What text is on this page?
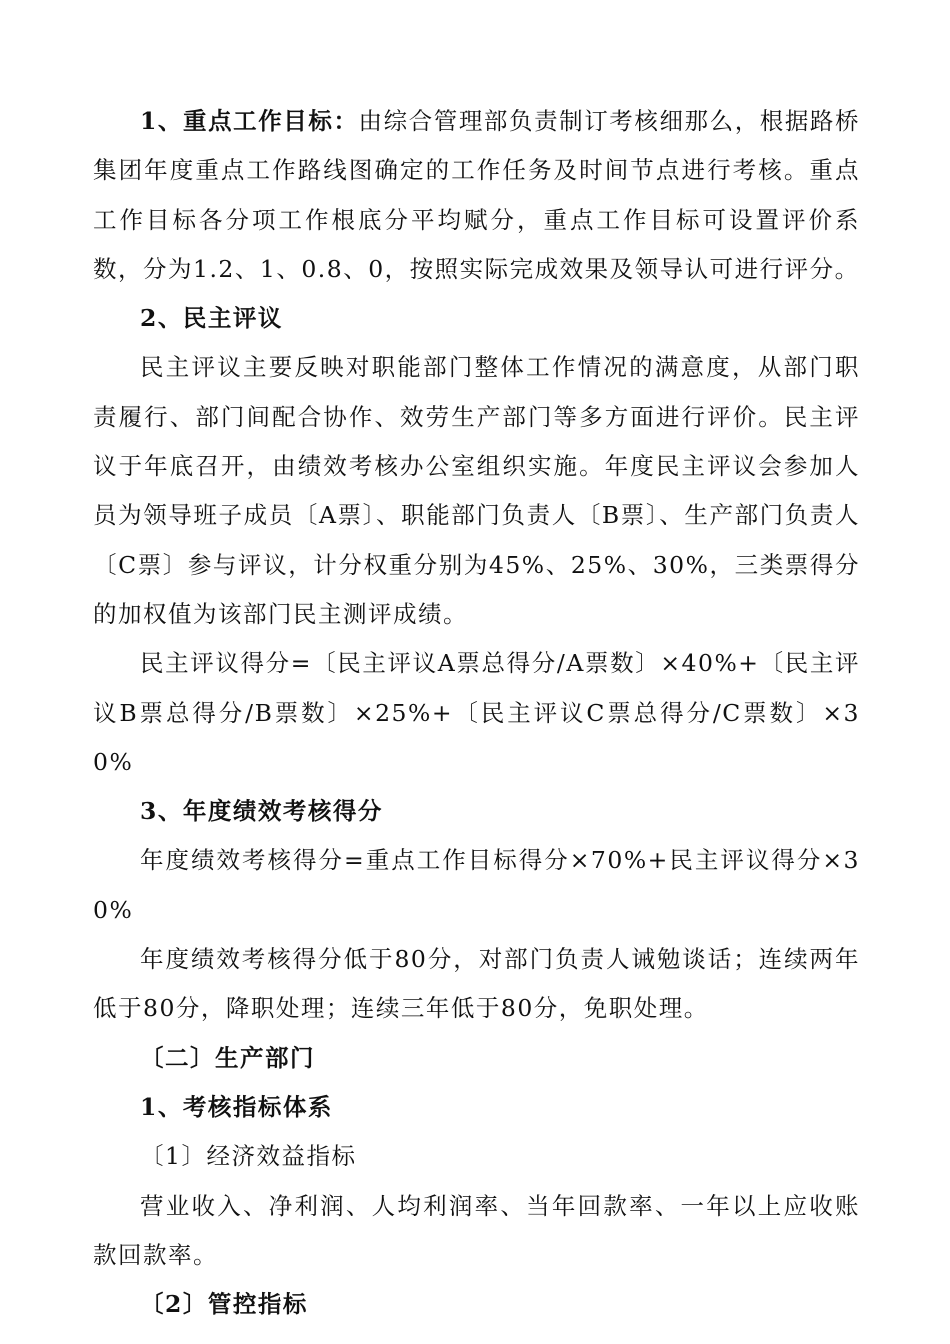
1、重点工作目标：由综合管理部负责制订考核细那么，根据路桥集团年度重点工作路线图确定的工作任务及时间节点进行考核。重点工作目标各分项工作根底分平均赋分，重点工作目标可设置评价系数，分为1.2、1、0.8、0，按照实际完成效果及领导认可进行评分。

2、民主评议

民主评议主要反映对职能部门整体工作情况的满意度，从部门职责履行、部门间配合协作、效劳生产部门等多方面进行评价。民主评议于年底召开，由绩效考核办公室组织实施。年度民主评议会参加人员为领导班子成员〔A票〕、职能部门负责人〔B票〕、生产部门负责人〔C票〕参与评议，计分权重分别为45%、25%、30%，三类票得分的加权值为该部门民主测评成绩。

民主评议得分=〔民主评议A票总得分/A票数〕×40%+〔民主评议B票总得分/B票数〕×25%+〔民主评议C票总得分/C票数〕×30%

3、年度绩效考核得分

年度绩效考核得分=重点工作目标得分×70%+民主评议得分×30%

年度绩效考核得分低于80分，对部门负责人诫勉谈话；连续两年低于80分，降职处理；连续三年低于80分，免职处理。

〔二〕生产部门

1、考核指标体系

〔1〕经济效益指标

营业收入、净利润、人均利润率、当年回款率、一年以上应收账款回款率。

〔2〕管控指标
